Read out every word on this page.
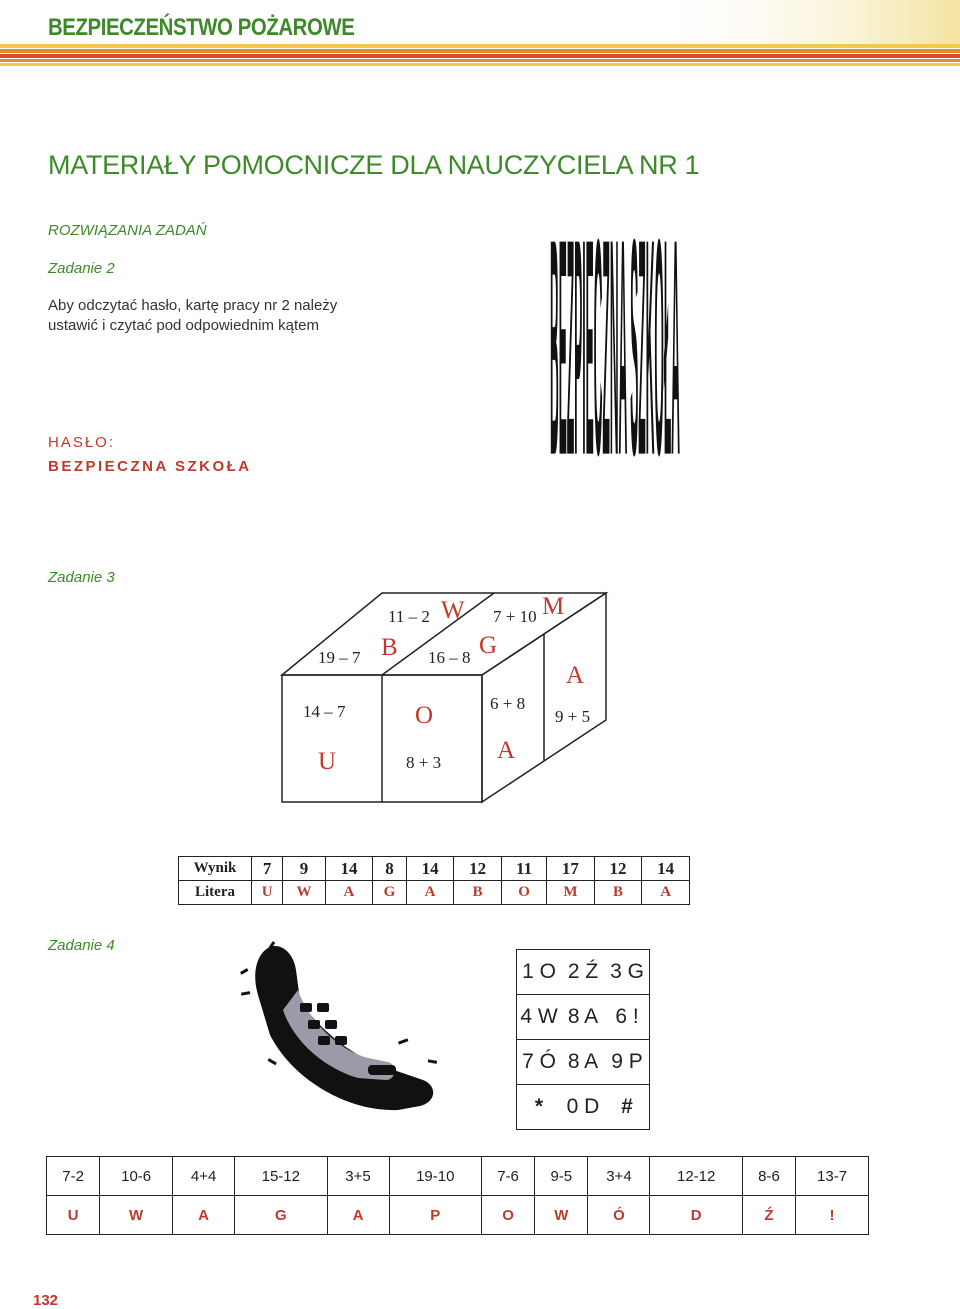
BEZPIECZEŃSTWO POŻAROWE
MATERIAŁY POMOCNICZE DLA NAUCZYCIELA NR 1
ROZWIĄZANIA ZADAŃ
Zadanie 2
Aby odczytać hasło, kartę pracy nr 2 należy
ustawić i czytać pod odpowiednim kątem
HASŁO:
BEZPIECZNA SZKOŁA	BEZPIECZNA SZKOŁA
Zadanie 3
11 – 2	7 + 10
19 – 7	16 – 8
14 – 7
8 + 3
6 + 8
9 + 5
W	M
B	G
A
A
U
O
Wynik	7	9	14	8	14	12	11	17	12	14
Litera	U	W	A	G	A	B	O	M	B	A
Zadanie 4
1 O	2 Ź	3 G
4 W	8 A	6 !
7 Ó	8 A	9 P
*	0 D	#
7-2	10-6	4+4	15-12	3+5	19-10	7-6	9-5	3+4	12-12	8-6	13-7
U	W	A	G	A	P	O	W	Ó	D	Ź	!
132
